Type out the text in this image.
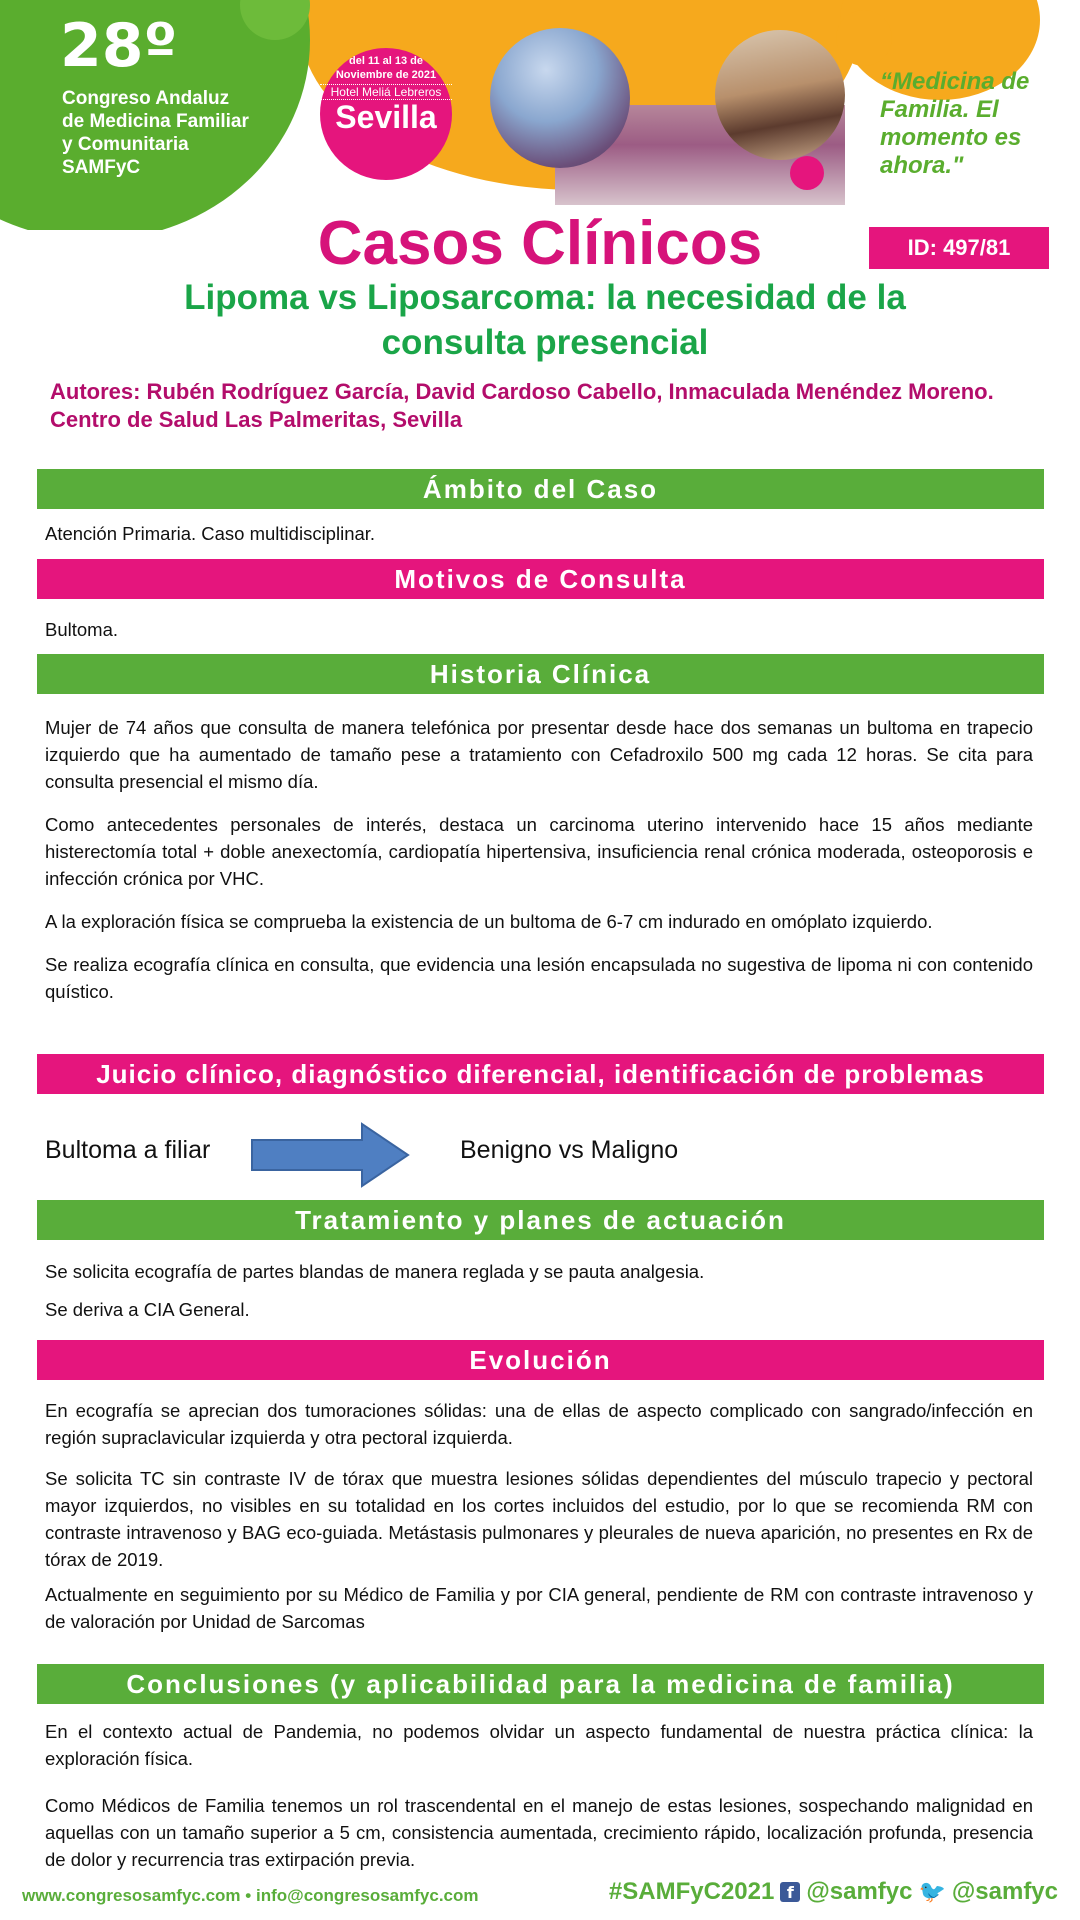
28º
Congreso Andaluz
de Medicina Familiar
y Comunitaria
SAMFyC
del 11 al 13 de Noviembre de 2021
Hotel Meliá Lebreros
Sevilla
“Medicina de Familia. El momento es ahora."
Casos Clínicos	ID: 497/81
Lipoma vs Liposarcoma: la necesidad de la consulta presencial
Autores: Rubén Rodríguez García, David Cardoso Cabello, Inmaculada Menéndez Moreno. Centro de Salud Las Palmeritas, Sevilla
Ámbito del Caso

Atención Primaria. Caso multidisciplinar.

Motivos de Consulta

Bultoma.

Historia Clínica

Mujer de 74 años que consulta de manera telefónica por presentar desde hace dos semanas un bultoma en trapecio izquierdo que ha aumentado de tamaño pese a tratamiento con Cefadroxilo 500 mg cada 12 horas. Se cita para consulta presencial el mismo día.

Como antecedentes personales de interés, destaca un carcinoma uterino intervenido hace 15 años mediante histerectomía total + doble anexectomía, cardiopatía hipertensiva, insuficiencia renal crónica moderada, osteoporosis e infección crónica por VHC.

A la exploración física se comprueba la existencia de un bultoma de 6-7 cm indurado en omóplato izquierdo.

Se realiza ecografía clínica en consulta, que evidencia una lesión encapsulada no sugestiva de lipoma ni con contenido quístico.

Juicio clínico, diagnóstico diferencial, identificación de problemas
Bultoma a filiar	Benigno vs Maligno
Tratamiento y planes de actuación

Se solicita ecografía de partes blandas de manera reglada y se pauta analgesia.

Se deriva a CIA General.

Evolución

En ecografía se aprecian dos tumoraciones sólidas: una de ellas de aspecto complicado con sangrado/infección en región supraclavicular izquierda y otra pectoral izquierda.

Se solicita TC sin contraste IV de tórax que muestra lesiones sólidas dependientes del músculo trapecio y pectoral mayor izquierdos, no visibles en su totalidad en los cortes incluidos del estudio, por lo que se recomienda RM con contraste intravenoso y BAG eco-guiada. Metástasis pulmonares y pleurales de nueva aparición, no presentes en Rx de tórax de 2019.

Actualmente en seguimiento por su Médico de Familia y por CIA general, pendiente de RM con contraste intravenoso y de valoración por Unidad de Sarcomas

Conclusiones (y aplicabilidad para la medicina de familia)

En el contexto actual de Pandemia, no podemos olvidar un aspecto fundamental de nuestra práctica clínica: la exploración física.

Como Médicos de Familia tenemos un rol trascendental en el manejo de estas lesiones, sospechando malignidad en aquellas con un tamaño superior a 5 cm, consistencia aumentada, crecimiento rápido, localización profunda, presencia de dolor y recurrencia tras extirpación previa.

www.congresosamfyc.com • info@congresosamfyc.com	#SAMFyC2021 f @samfyc 🐦 @samfyc
